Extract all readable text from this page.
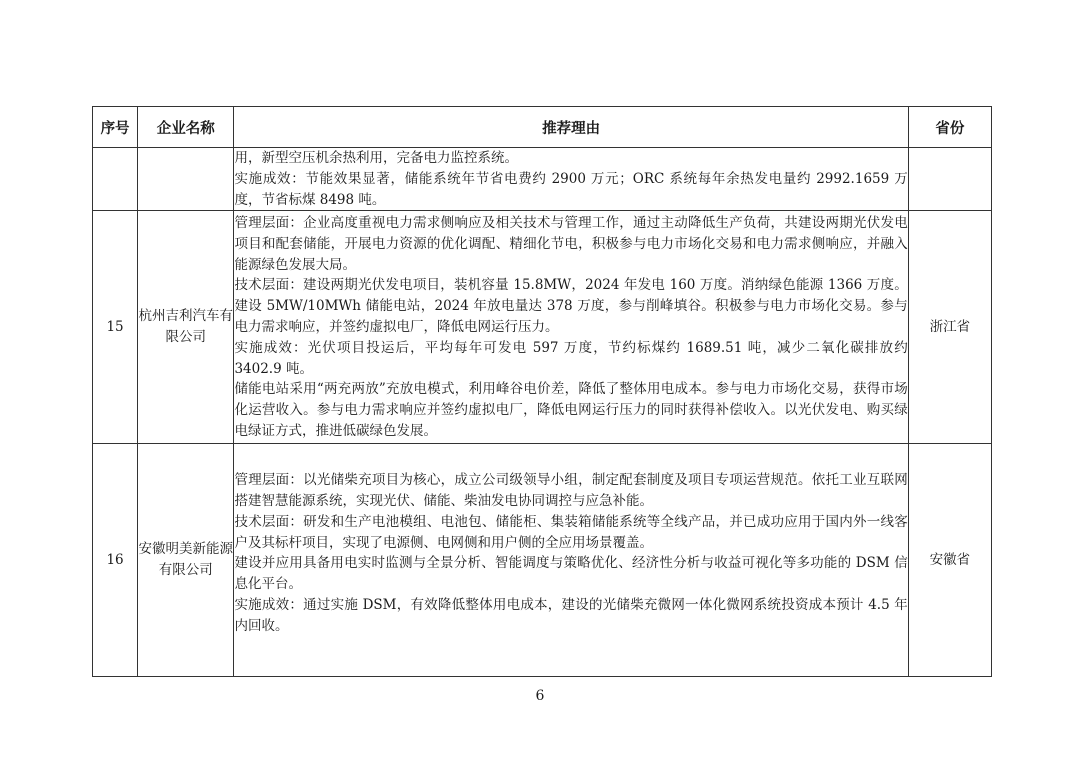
序号	企业名称	推荐理由	省份

		用，新型空压机余热利用，完备电力监控系统。

实施成效：节能效果显著，储能系统年节省电费约 2900 万元；ORC 系统每年余热发电量约 2992.1659 万度，节省标煤 8498 吨。	

15	杭州吉利汽车有限公司	管理层面：企业高度重视电力需求侧响应及相关技术与管理工作，通过主动降低生产负荷，共建设两期光伏发电项目和配套储能，开展电力资源的优化调配、精细化节电，积极参与电力市场化交易和电力需求侧响应，并融入能源绿色发展大局。

技术层面：建设两期光伏发电项目，装机容量 15.8MW，2024 年发电 160 万度。消纳绿色能源 1366 万度。建设 5MW/10MWh 储能电站，2024 年放电量达 378 万度，参与削峰填谷。积极参与电力市场化交易。参与电力需求响应，并签约虚拟电厂，降低电网运行压力。

实施成效：光伏项目投运后，平均每年可发电 597 万度，节约标煤约 1689.51 吨，减少二氧化碳排放约 3402.9 吨。

储能电站采用“两充两放”充放电模式，利用峰谷电价差，降低了整体用电成本。参与电力市场化交易，获得市场化运营收入。参与电力需求响应并签约虚拟电厂，降低电网运行压力的同时获得补偿收入。以光伏发电、购买绿电绿证方式，推进低碳绿色发展。	浙江省
16	安徽明美新能源有限公司	管理层面：以光储柴充项目为核心，成立公司级领导小组，制定配套制度及项目专项运营规范。依托工业互联网搭建智慧能源系统，实现光伏、储能、柴油发电协同调控与应急补能。

技术层面：研发和生产电池模组、电池包、储能柜、集装箱储能系统等全线产品，并已成功应用于国内外一线客户及其标杆项目，实现了电源侧、电网侧和用户侧的全应用场景覆盖。

建设并应用具备用电实时监测与全景分析、智能调度与策略优化、经济性分析与收益可视化等多功能的 DSM 信息化平台。

实施成效：通过实施 DSM，有效降低整体用电成本，建设的光储柴充微网一体化微网系统投资成本预计 4.5 年内回收。	安徽省
6
